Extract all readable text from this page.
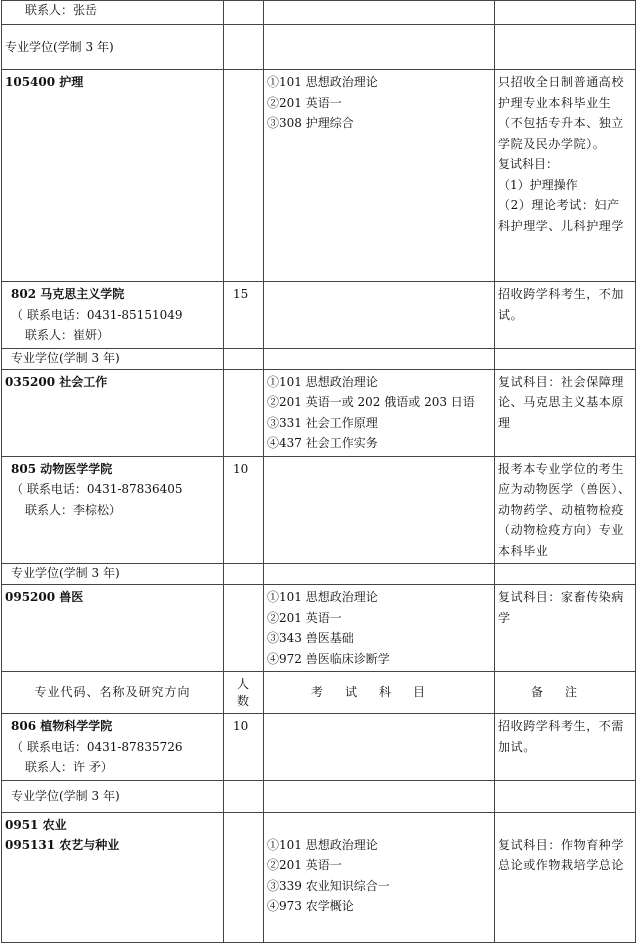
联系人：张岳			

专业学位(学制 3 年)			

105400 护理		①101 思想政治理论
②201 英语一
③308 护理综合	只招收全日制普通高校护理专业本科毕业生（不包括专升本、独立学院及民办学院）。
复试科目：
（1）护理操作
（2）理论考试：妇产科护理学、儿科护理学

802 马克思主义学院
（ 联系电话：0431-85151049
联系人：崔妍）	15		招收跨学科考生，不加试。

专业学位(学制 3 年)			

035200 社会工作		①101 思想政治理论
②201 英语一或 202 俄语或 203 日语
③331 社会工作原理
④437 社会工作实务	复试科目：社会保障理论、马克思主义基本原理

805 动物医学学院
（ 联系电话：0431-87836405
联系人：李棕松）	10		报考本专业学位的考生应为动物医学（兽医）、动物药学、动植物检疫（动物检疫方向）专业本科毕业

专业学位(学制 3 年)			

095200 兽医		①101 思想政治理论
②201 英语一
③343 兽医基础
④972 兽医临床诊断学	复试科目：家畜传染病学

专业代码、名称及研究方向	人
数	考试科目	备注

806 植物科学学院
（ 联系电话：0431-87835726
联系人：许 矛）	10		招收跨学科考生，不需加试。

专业学位(学制 3 年)			

0951 农业
095131 农艺与种业		①101 思想政治理论
②201 英语一
③339 农业知识综合一
④973 农学概论	复试科目：作物育种学总论或作物栽培学总论
